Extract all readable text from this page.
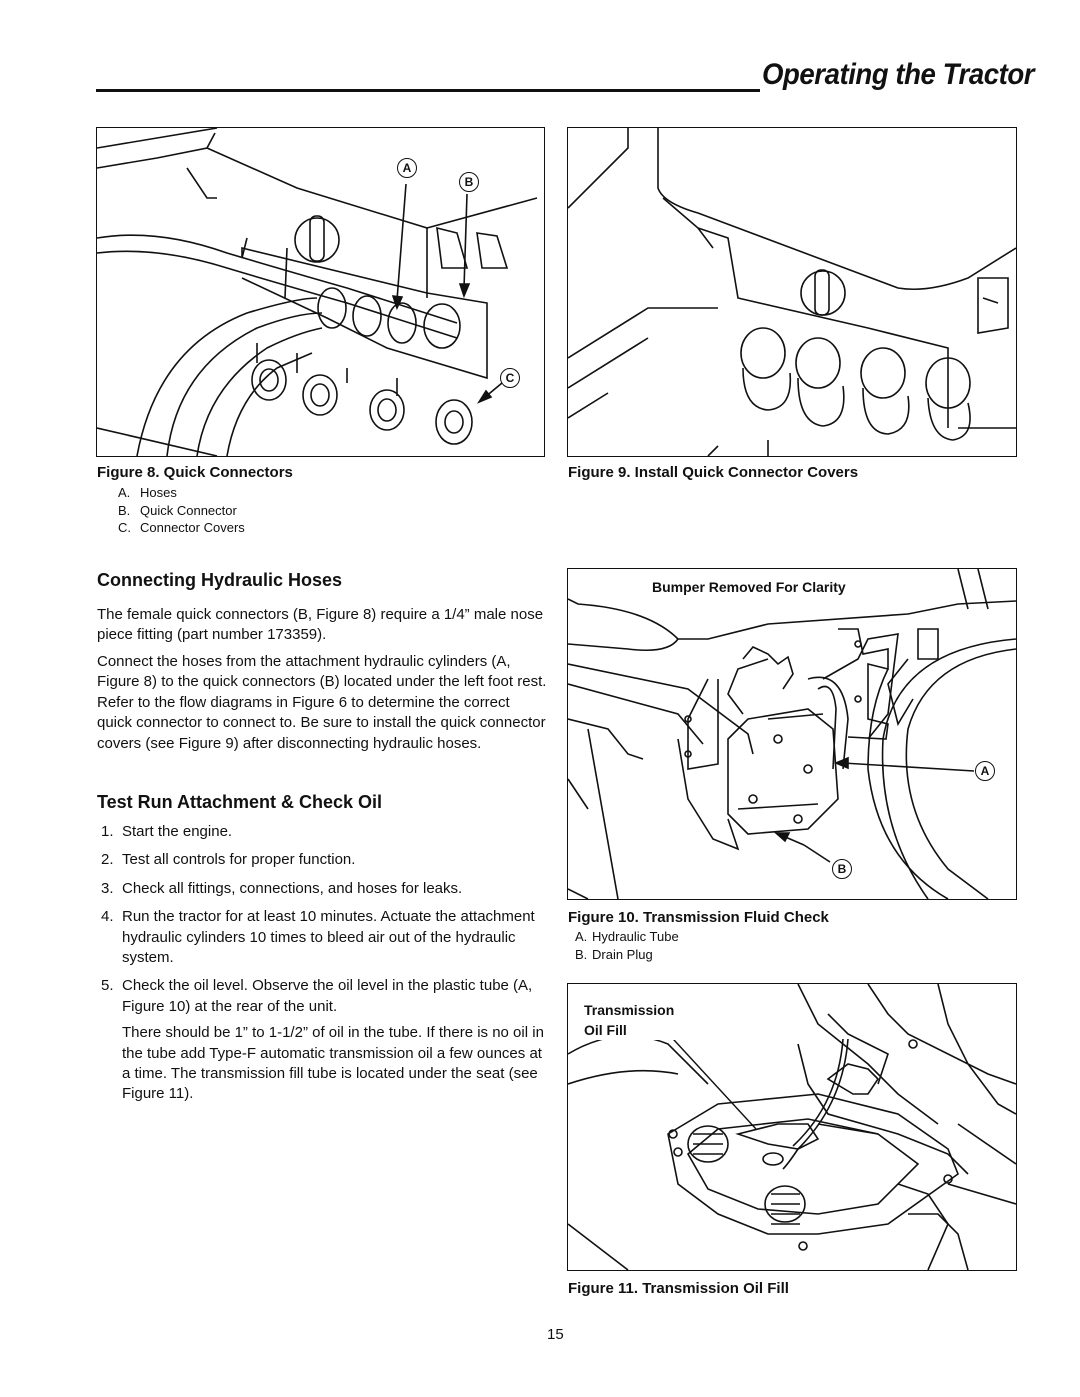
Operating the Tractor
A
B
C
Figure 8. Quick Connectors
A. Hoses
B. Quick Connector
C. Connector Covers
Figure 9. Install Quick Connector Covers
Connecting Hydraulic Hoses

The female quick connectors (B, Figure 8) require a 1/4” male nose piece fitting (part number 173359).

Connect the hoses from the attachment hydraulic cylinders (A, Figure 8) to the quick connectors (B) located under the left foot rest. Refer to the flow diagrams in Figure 6 to determine the correct quick connector to connect to. Be sure to install the quick connector covers (see Figure 9) after disconnecting hydraulic hoses.

Test Run Attachment & Check Oil
1. Start the engine.
2. Test all controls for proper function.
3. Check all fittings, connections, and hoses for leaks.
4. Run the tractor for at least 10 minutes. Actuate the attachment hydraulic cylinders 10 times to bleed air out of the hydraulic system.
5. Check the oil level. Observe the oil level in the plastic tube (A, Figure 10) at the rear of the unit.
There should be 1” to 1-1/2” of oil in the tube. If there is no oil in the tube add Type-F automatic transmission oil a few ounces at a time. The transmission fill tube is located under the seat (see Figure 11).
Bumper Removed For Clarity
A
B
Figure 10. Transmission Fluid Check
A. Hydraulic Tube
B. Drain Plug
Transmission
Oil Fill
Figure 11. Transmission Oil Fill
15
